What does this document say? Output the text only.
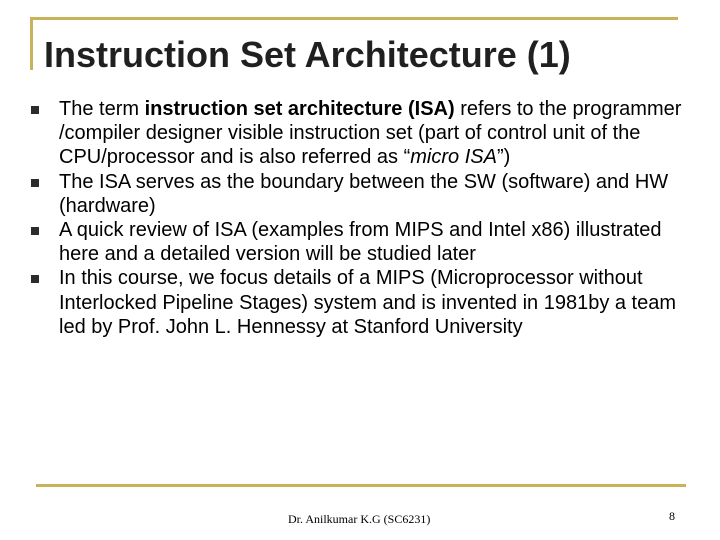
Instruction Set Architecture (1)
The term instruction set architecture (ISA) refers to the programmer /compiler designer visible instruction set (part of control unit of the CPU/processor and is also referred as “micro ISA”)
The ISA serves as the boundary between the SW (software) and HW (hardware)
A quick review of ISA (examples from MIPS and Intel x86) illustrated here and a detailed version will be studied later
In this course, we focus details of a MIPS (Microprocessor without Interlocked Pipeline Stages) system and is invented in 1981by a team led by Prof. John L. Hennessy at Stanford University
Dr. Anilkumar K.G (SC6231)	8
